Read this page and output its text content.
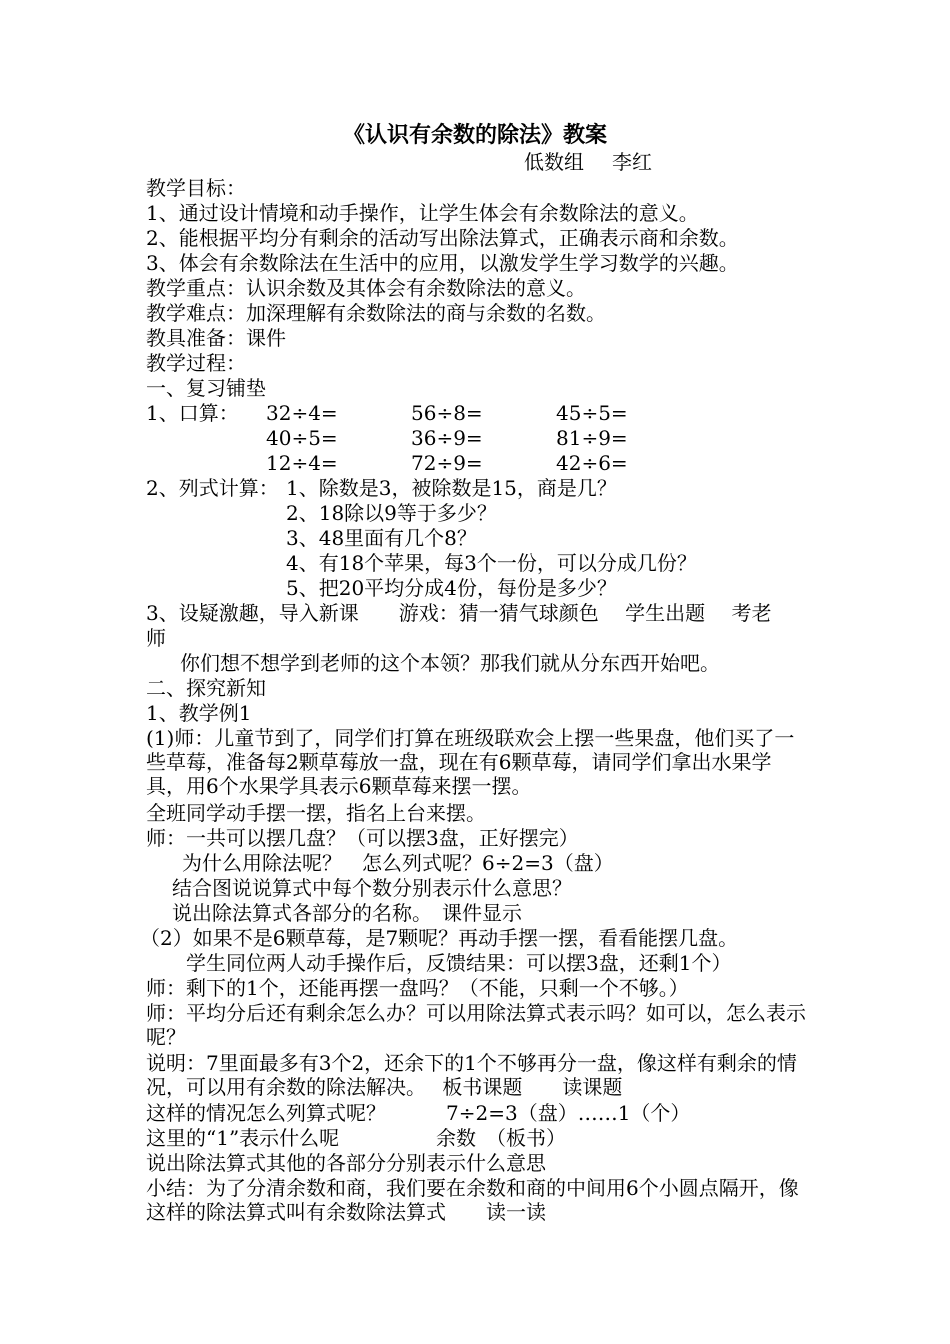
《认识有余数的除法》教案
低数组 李红
教学目标：
1、通过设计情境和动手操作，让学生体会有余数除法的意义。
2、能根据平均分有剩余的活动写出除法算式，正确表示商和余数。
3、体会有余数除法在生活中的应用，以激发学生学习数学的兴趣。
教学重点：认识余数及其体会有余数除法的意义。
教学难点：加深理解有余数除法的商与余数的名数。
教具准备：课件
教学过程：
一、复习铺垫
1、口算： 32÷4=	56÷8=	45÷5=
40÷5=	36÷9=	81÷9=
12÷4=	72÷9=	42÷6=
2、列式计算： 1、除数是3，被除数是15，商是几？
2、18除以9等于多少？
3、48里面有几个8？
4、有18个苹果，每3个一份，可以分成几份？
5、把20平均分成4份，每份是多少？
3、设疑激趣，导入新课　　游戏：猜一猜气球颜色　 学生出题　 考老
师
你们想不想学到老师的这个本领？那我们就从分东西开始吧。
二、探究新知
1、教学例1
(1)师：儿童节到了，同学们打算在班级联欢会上摆一些果盘，他们买了一些草莓，准备每2颗草莓放一盘，现在有6颗草莓，请同学们拿出水果学具，用6个水果学具表示6颗草莓来摆一摆。
全班同学动手摆一摆，指名上台来摆。
师：一共可以摆几盘？（可以摆3盘，正好摆完）
为什么用除法呢？　怎么列式呢？6÷2=3（盘）
结合图说说算式中每个数分别表示什么意思？
说出除法算式各部分的名称。　课件显示
（2）如果不是6颗草莓，是7颗呢？再动手摆一摆，看看能摆几盘。
学生同位两人动手操作后，反馈结果：可以摆3盘，还剩1个）
师：剩下的1个，还能再摆一盘吗？（不能，只剩一个不够。）
师：平均分后还有剩余怎么办？可以用除法算式表示吗？如可以，怎么表示呢？
说明：7里面最多有3个2，还余下的1个不够再分一盘，像这样有剩余的情况，可以用有余数的除法解决。　 板书课题　　读课题
这样的情况怎么列算式呢？	7÷2=3（盘）……1（个）
这里的“1”表示什么呢	余数　（板书）
说出除法算式其他的各部分分别表示什么意思
小结：为了分清余数和商，我们要在余数和商的中间用6个小圆点隔开，像这样的除法算式叫有余数除法算式　　读一读
